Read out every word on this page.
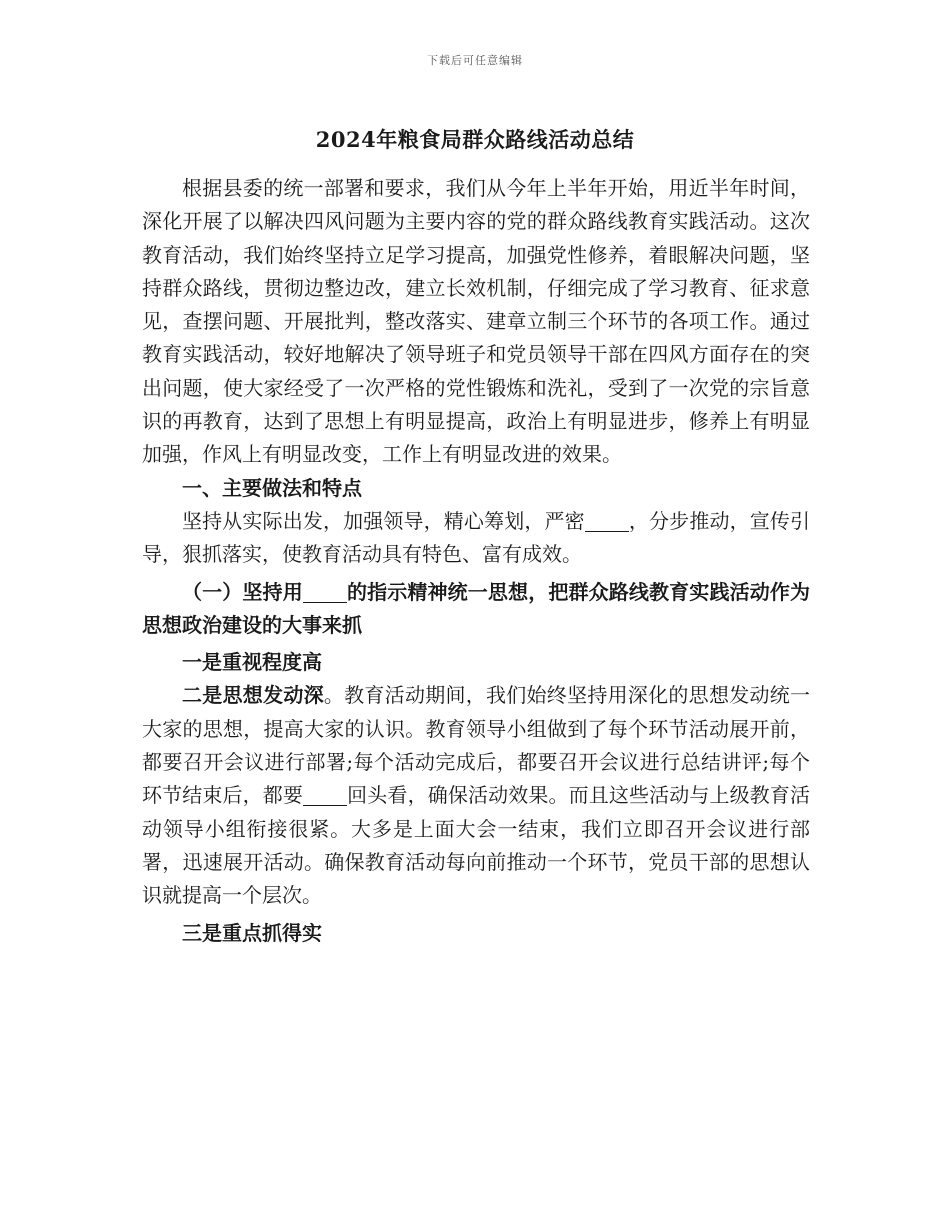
下载后可任意编辑
2024年粮食局群众路线活动总结

根据县委的统一部署和要求，我们从今年上半年开始，用近半年时间，深化开展了以解决四风问题为主要内容的党的群众路线教育实践活动。这次教育活动，我们始终坚持立足学习提高，加强党性修养，着眼解决问题，坚持群众路线，贯彻边整边改，建立长效机制，仔细完成了学习教育、征求意见，查摆问题、开展批判，整改落实、建章立制三个环节的各项工作。通过教育实践活动，较好地解决了领导班子和党员领导干部在四风方面存在的突出问题，使大家经受了一次严格的党性锻炼和洗礼，受到了一次党的宗旨意识的再教育，达到了思想上有明显提高，政治上有明显进步，修养上有明显加强，作风上有明显改变，工作上有明显改进的效果。

一、主要做法和特点

坚持从实际出发，加强领导，精心筹划，严密 ，分步推动，宣传引导，狠抓落实，使教育活动具有特色、富有成效。

（一）坚持用 的指示精神统一思想，把群众路线教育实践活动作为思想政治建设的大事来抓

一是重视程度高

二是思想发动深。教育活动期间，我们始终坚持用深化的思想发动统一大家的思想，提高大家的认识。教育领导小组做到了每个环节活动展开前，都要召开会议进行部署;每个活动完成后，都要召开会议进行总结讲评;每个环节结束后，都要 回头看，确保活动效果。而且这些活动与上级教育活动领导小组衔接很紧。大多是上面大会一结束，我们立即召开会议进行部署，迅速展开活动。确保教育活动每向前推动一个环节，党员干部的思想认识就提高一个层次。

三是重点抓得实
